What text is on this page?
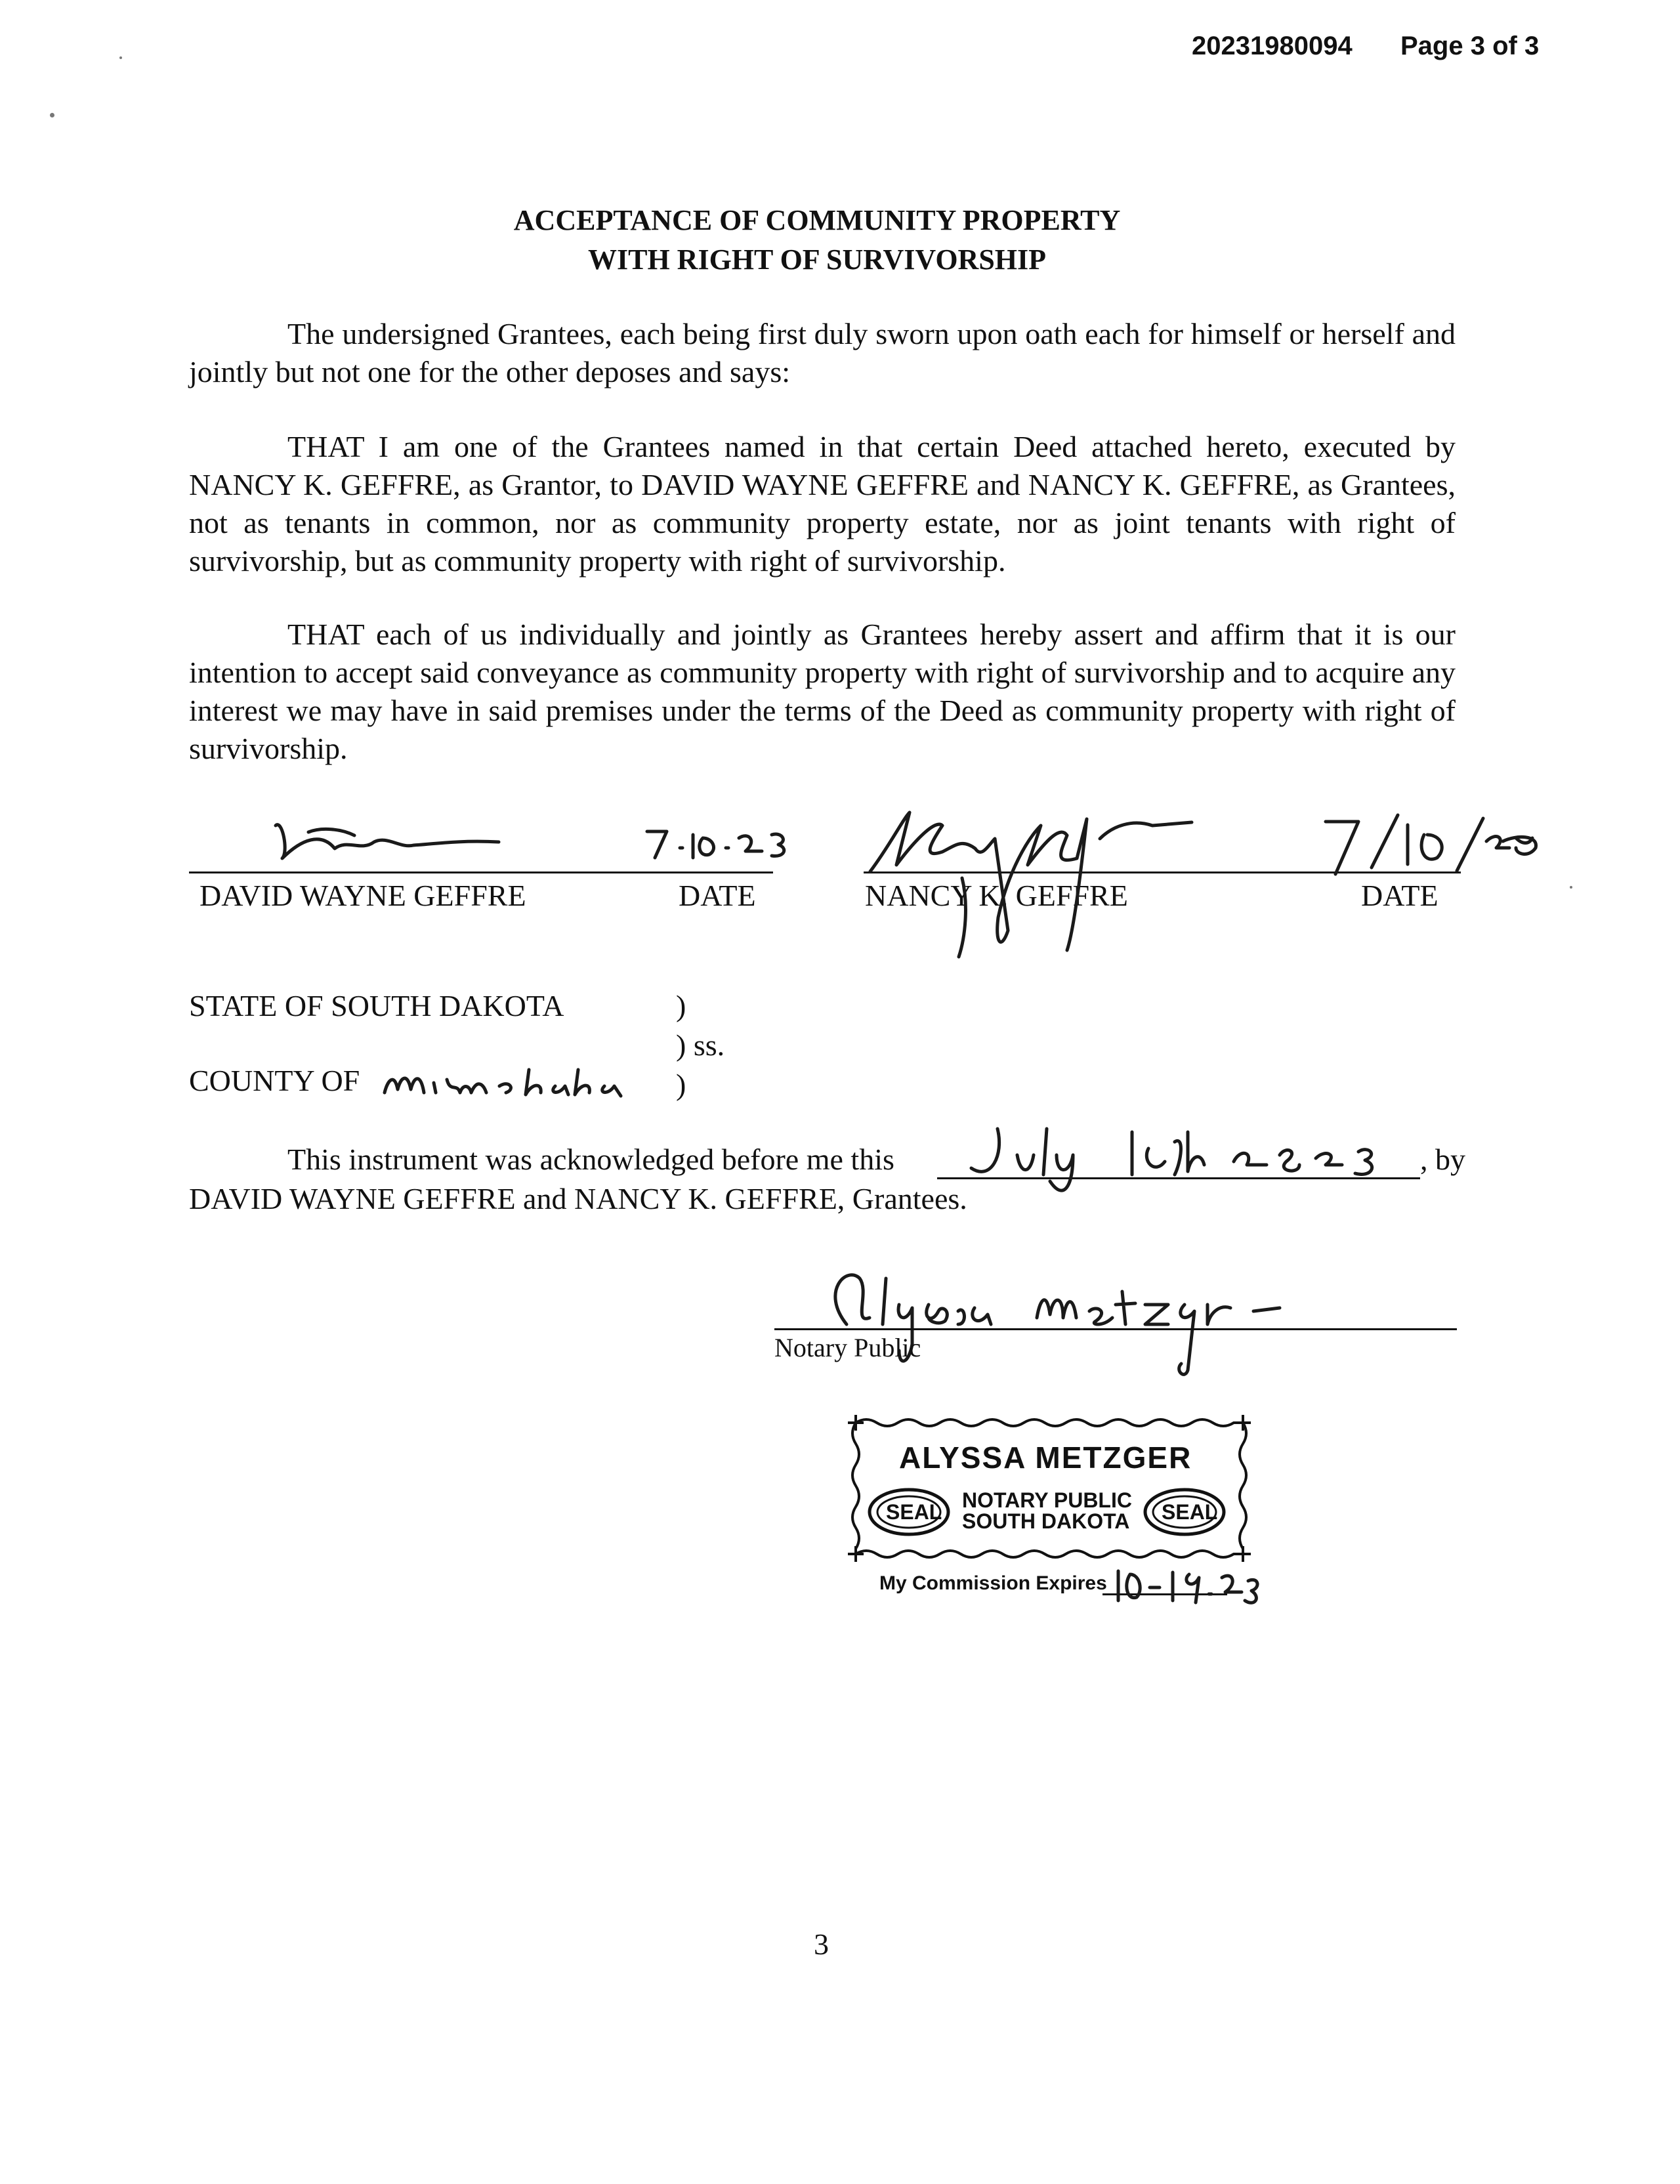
20231980094 Page 3 of 3
ACCEPTANCE OF COMMUNITY PROPERTY
WITH RIGHT OF SURVIVORSHIP
The undersigned Grantees, each being first duly sworn upon oath each for himself or herself and jointly but not one for the other deposes and says:
THAT I am one of the Grantees named in that certain Deed attached hereto, executed by NANCY K. GEFFRE, as Grantor, to DAVID WAYNE GEFFRE and NANCY K. GEFFRE, as Grantees, not as tenants in common, nor as community property estate, nor as joint tenants with right of survivorship, but as community property with right of survivorship.
THAT each of us individually and jointly as Grantees hereby assert and affirm that it is our intention to accept said conveyance as community property with right of survivorship and to acquire any interest we may have in said premises under the terms of the Deed as community property with right of survivorship.
DAVID WAYNE GEFFRE	DATE	NANCY K. GEFFRE	DATE
STATE OF SOUTH DAKOTA	)
) ss.
COUNTY OF	)
This instrument was acknowledged before me this	, by
DAVID WAYNE GEFFRE and NANCY K. GEFFRE, Grantees.
Notary Public
ALYSSA METZGER
SEAL NOTARY PUBLIC
SOUTH DAKOTA SEAL
My Commission Expires
3
